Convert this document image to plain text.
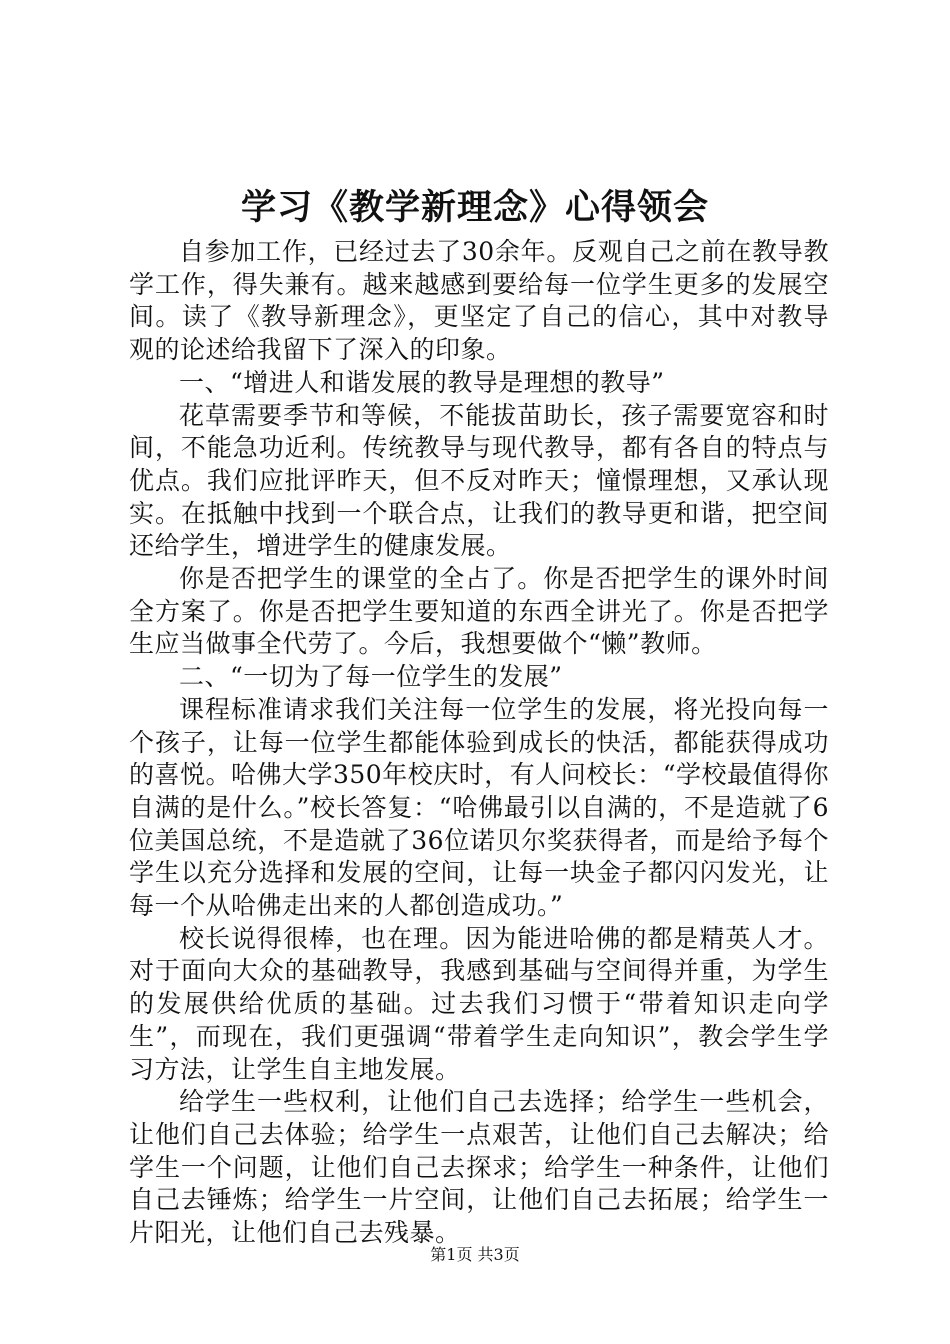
学习《教学新理念》心得领会

自参加工作，已经过去了30余年。反观自己之前在教导教学工作，得失兼有。越来越感到要给每一位学生更多的发展空间。读了《教导新理念》，更坚定了自己的信心，其中对教导观的论述给我留下了深入的印象。

一、“增进人和谐发展的教导是理想的教导”

花草需要季节和等候，不能拔苗助长，孩子需要宽容和时间，不能急功近利。传统教导与现代教导，都有各自的特点与优点。我们应批评昨天，但不反对昨天；憧憬理想，又承认现实。在抵触中找到一个联合点，让我们的教导更和谐，把空间还给学生，增进学生的健康发展。

你是否把学生的课堂的全占了。你是否把学生的课外时间全方案了。你是否把学生要知道的东西全讲光了。你是否把学生应当做事全代劳了。今后，我想要做个“懒”教师。

二、“一切为了每一位学生的发展”

课程标准请求我们关注每一位学生的发展，将光投向每一个孩子，让每一位学生都能体验到成长的快活，都能获得成功的喜悦。哈佛大学350年校庆时，有人问校长：“学校最值得你自满的是什么。”校长答复：“哈佛最引以自满的，不是造就了6位美国总统，不是造就了36位诺贝尔奖获得者，而是给予每个学生以充分选择和发展的空间，让每一块金子都闪闪发光，让每一个从哈佛走出来的人都创造成功。”

校长说得很棒，也在理。因为能进哈佛的都是精英人才。对于面向大众的基础教导，我感到基础与空间得并重，为学生的发展供给优质的基础。过去我们习惯于“带着知识走向学生”，而现在，我们更强调“带着学生走向知识”，教会学生学习方法，让学生自主地发展。

给学生一些权利，让他们自己去选择；给学生一些机会，让他们自己去体验；给学生一点艰苦，让他们自己去解决；给学生一个问题，让他们自己去探求；给学生一种条件，让他们自己去锤炼；给学生一片空间，让他们自己去拓展；给学生一片阳光，让他们自己去残暴。

第1页 共3页
